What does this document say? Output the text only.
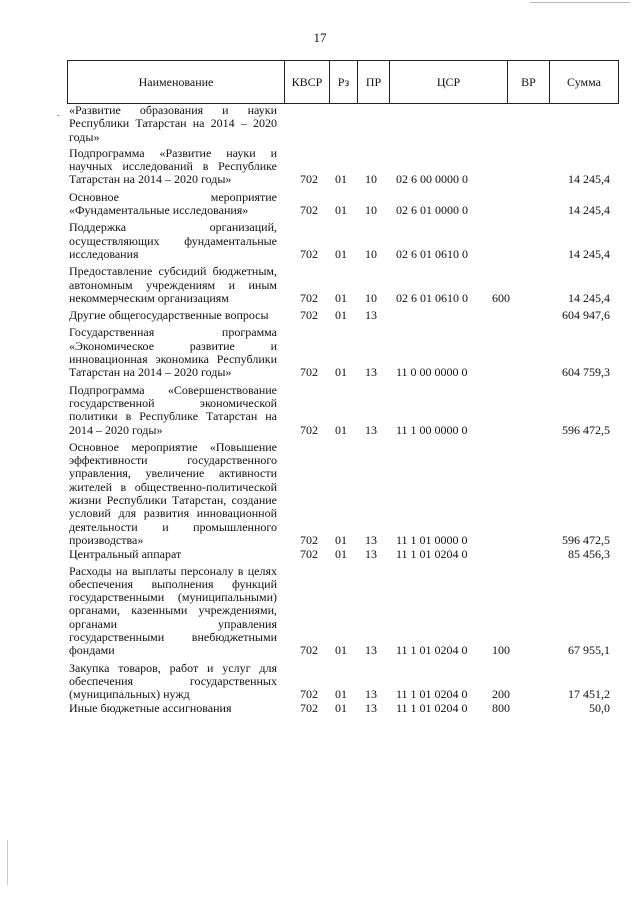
17
Наименование	КВСР	Рз	ПР	ЦСР	ВР	Сумма
. «Развитие образования и науки Республики Татарстан на 2014 – 2020 годы»
Подпрограмма «Развитие науки и научных исследований в Республике Татарстан на 2014 – 2020 годы»	702	01 10 02 6 00 0000 0	14 245,4
Основное мероприятие «Фундаментальные исследования»	702	01 10 02 6 01 0000 0	14 245,4
Поддержка организаций, осуществляющих фундаментальные исследования	702	01 10 02 6 01 0610 0	14 245,4
Предоставление субсидий бюджетным, автономным учреждениям и иным некоммерческим организациям	702	01 10 02 6 01 0610 0	600	14 245,4
Другие общегосударственные вопросы	702	01 13	604 947,6
Государственная программа «Экономическое развитие и инновационная экономика Республики Татарстан на 2014 – 2020 годы»	702	01 13 11 0 00 0000 0	604 759,3
Подпрограмма «Совершенствование государственной экономической политики в Республике Татарстан на 2014 – 2020 годы»	702	01 13 11 1 00 0000 0	596 472,5
Основное мероприятие «Повышение эффективности государственного управления, увеличение активности жителей в общественно-политической жизни Республики Татарстан, создание условий для развития инновационной деятельности и промышленного производства»	702	01 13 11 1 01 0000 0	596 472,5
Центральный аппарат	702	01 13 11 1 01 0204 0	85 456,3
Расходы на выплаты персоналу в целях обеспечения выполнения функций государственными (муниципальными) органами, казенными учреждениями, органами управления государственными внебюджетными фондами	702	01 13 11 1 01 0204 0	100	67 955,1
Закупка товаров, работ и услуг для обеспечения государственных (муниципальных) нужд	702	01 13 11 1 01 0204 0	200	17 451,2
Иные бюджетные ассигнования	702	01 13 11 1 01 0204 0	800	50,0
